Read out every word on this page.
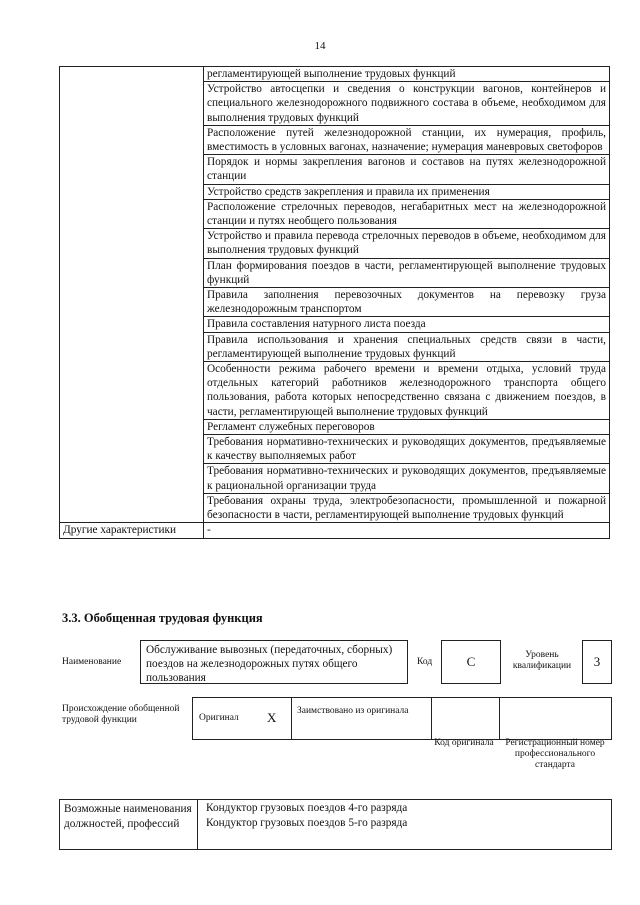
14
	регламентирующей выполнение трудовых функций
	Устройство автосцепки и сведения о конструкции вагонов, контейнеров и специального железнодорожного подвижного состава в объеме, необходимом для выполнения трудовых функций
	Расположение путей железнодорожной станции, их нумерация, профиль, вместимость в условных вагонах, назначение; нумерация маневровых светофоров
	Порядок и нормы закрепления вагонов и составов на путях железнодорожной станции
	Устройство средств закрепления и правила их применения
	Расположение стрелочных переводов, негабаритных мест на железнодорожной станции и путях необщего пользования
	Устройство и правила перевода стрелочных переводов в объеме, необходимом для выполнения трудовых функций
	План формирования поездов в части, регламентирующей выполнение трудовых функций
	Правила заполнения перевозочных документов на перевозку груза железнодорожным транспортом
	Правила составления натурного листа поезда
	Правила использования и хранения специальных средств связи в части, регламентирующей выполнение трудовых функций
	Особенности режима рабочего времени и времени отдыха, условий труда отдельных категорий работников железнодорожного транспорта общего пользования, работа которых непосредственно связана с движением поездов, в части, регламентирующей выполнение трудовых функций
	Регламент служебных переговоров
	Требования нормативно-технических и руководящих документов, предъявляемые к качеству выполняемых работ
	Требования нормативно-технических и руководящих документов, предъявляемые к рациональной организации труда
	Требования охраны труда, электробезопасности, промышленной и пожарной безопасности в части, регламентирующей выполнение трудовых функций
Другие характеристики	-
3.3. Обобщенная трудовая функция
Наименование
Обслуживание вывозных (передаточных, сборных) поездов на железнодорожных путях общего пользования
Код	C	Уровень квалификации	3
Происхождение обобщенной трудовой функции	Оригинал X Заимствовано из оригинала
Код оригинала	Регистрационный номер профессионального стандарта
Возможные наименования должностей, профессий
Кондуктор грузовых поездов 4-го разряда
Кондуктор грузовых поездов 5-го разряда
